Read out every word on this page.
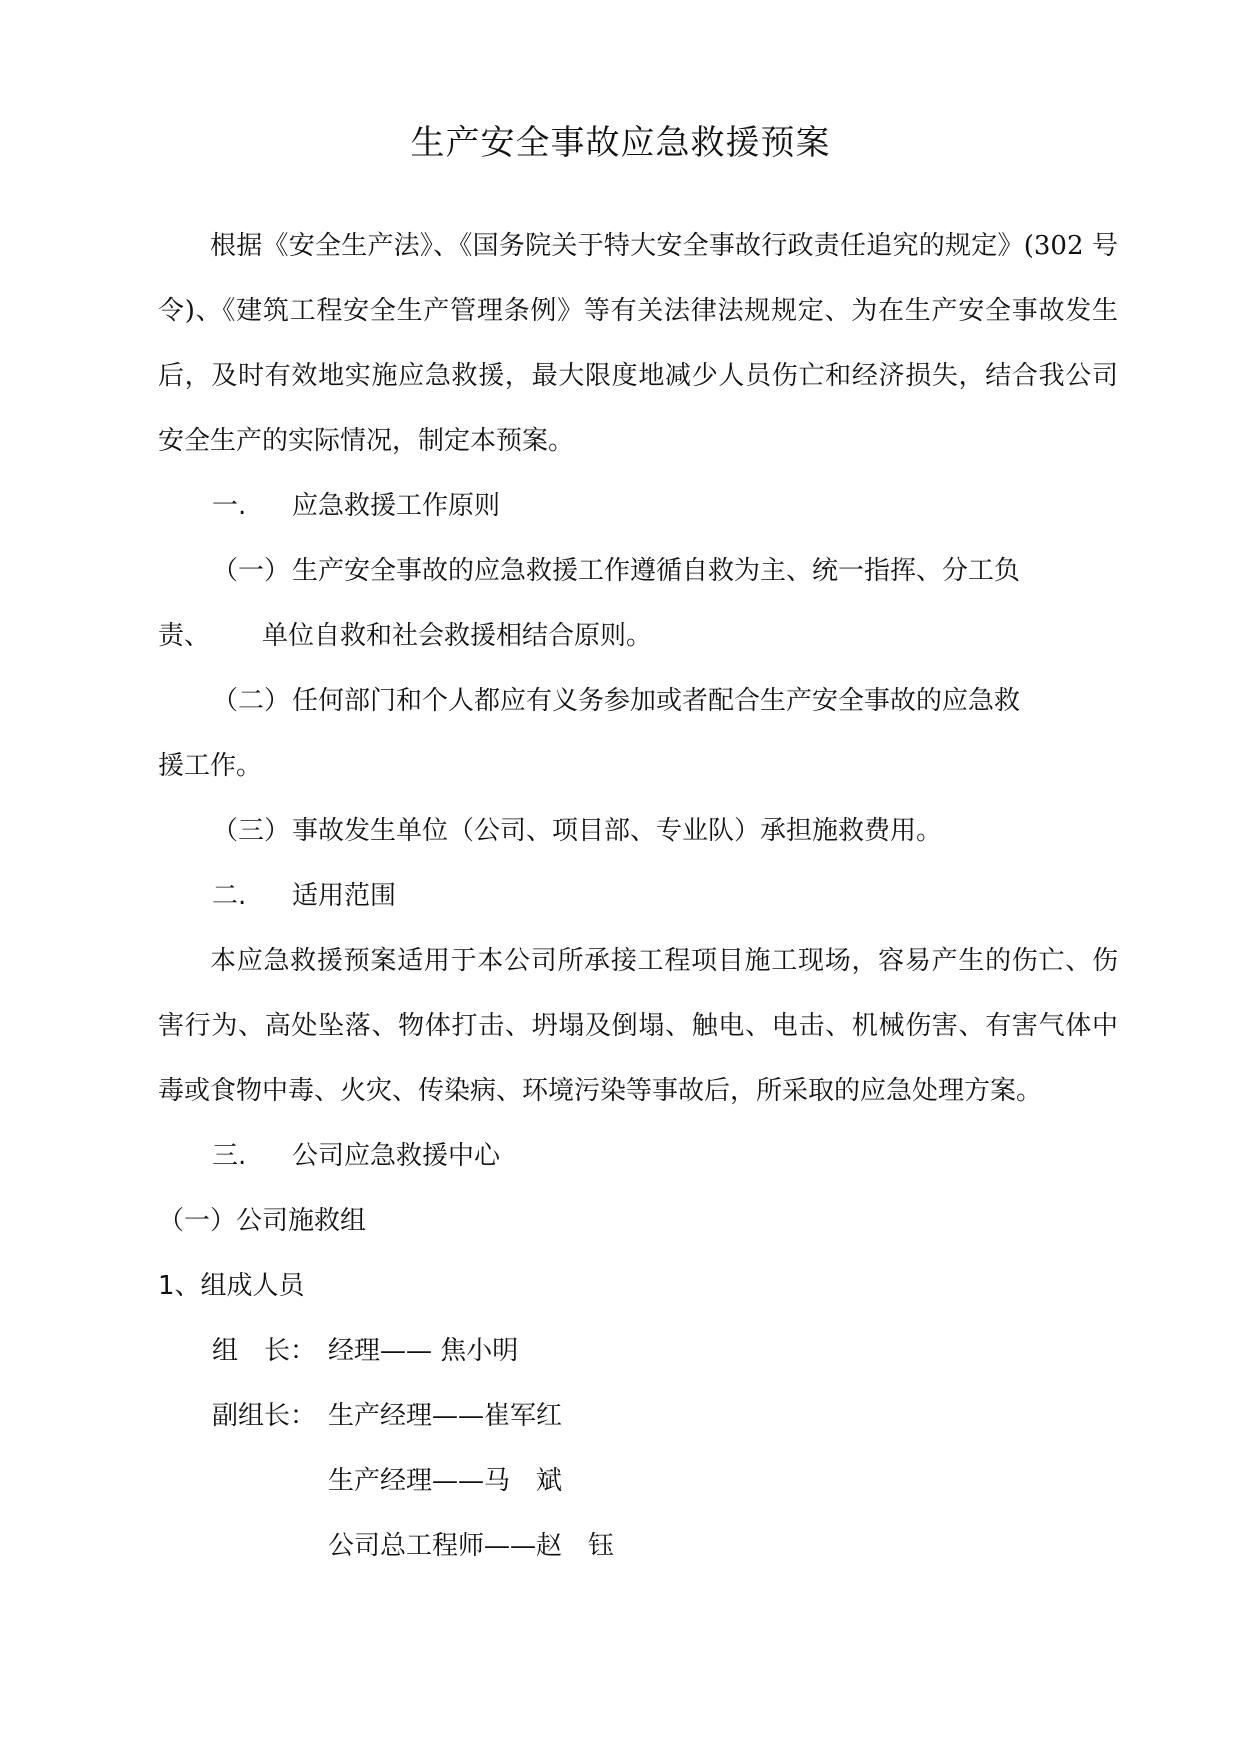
生产安全事故应急救援预案

根据《安全生产法》、《国务院关于特大安全事故行政责任追究的规定》(302 号令)、《建筑工程安全生产管理条例》等有关法律法规规定、为在生产安全事故发生后，及时有效地实施应急救援，最大限度地减少人员伤亡和经济损失，结合我公司安全生产的实际情况，制定本预案。

一. 应急救援工作原则

（一）生产安全事故的应急救援工作遵循自救为主、统一指挥、分工负
责、 单位自救和社会救援相结合原则。

（二）任何部门和个人都应有义务参加或者配合生产安全事故的应急救
援工作。

（三）事故发生单位（公司、项目部、专业队）承担施救费用。

二. 适用范围

本应急救援预案适用于本公司所承接工程项目施工现场，容易产生的伤亡、伤害行为、高处坠落、物体打击、坍塌及倒塌、触电、电击、机械伤害、有害气体中毒或食物中毒、火灾、传染病、环境污染等事故后，所采取的应急处理方案。

三. 公司应急救援中心

（一）公司施救组

1、组成人员

组　长： 经理—— 焦小明

副组长： 生产经理——崔军红

生产经理——马　斌

公司总工程师——赵　钰
